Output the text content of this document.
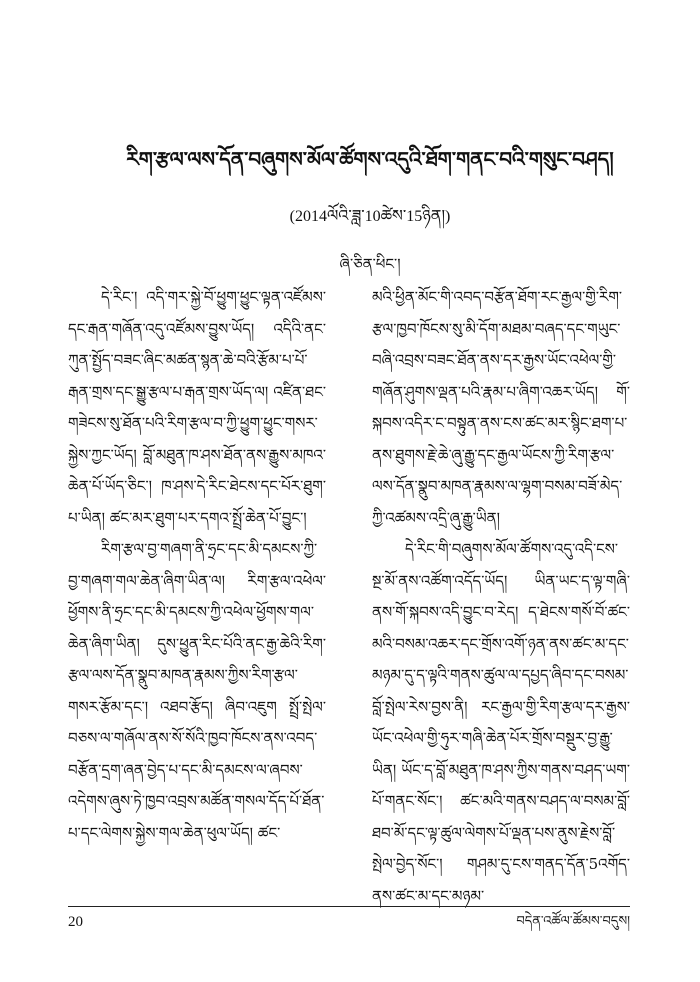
རིག་རྩལ་ལས་དོན་བཞུགས་མོལ་ཚོགས་འདུའི་ཐོག་གནང་བའི་གསུང་བཤད།
(2014ལོའི་ཟླ་10ཚེས་15ཉིན།)
ཞི་ཅིན་ཕིང་།

དེ་རིང་། འདི་གར་སྐྱེ་བོ་ཕྱུག་ཕྱུང་ལྟན་འཛོམས་དང་རྒན་གཞོན་འདུ་འཛོམས་བྱུས་ཡོད། འདིའི་ནང་ཀུན་སྤྱོད་བཟང་ཞིང་མཚན་སྙན་ཆེ་བའི་རྩོམ་པ་པོ་རྒན་གྲས་དང་སྒྱུ་རྩལ་པ་རྒན་གྲས་ཡོད་ལ། འཛིན་ཐང་གཟེངས་སུ་ཐོན་པའི་རིག་རྩལ་བ་ཀྱི་ཕྱུག་ཕྱུང་གསར་སྐྱེས་ཀྱང་ཡོད། བློ་མཐུན་ཁ་ཤས་ཐོན་ནས་རྒྱུས་མཁའ་ཆེན་པོ་ཡོད་ཅིང་། ཁ་ཤས་དེ་རིང་ཐེངས་དང་པོར་ཐུག་པ་ཡིན། ཚང་མར་ཐུག་པར་དགའ་སྤྲོ་ཆེན་པོ་བྱུང་།

རིག་རྩལ་བྱ་གཞག་ནི་ཧྲང་དང་མི་དམངས་ཀྱི་བྱ་གཞག་གལ་ཆེན་ཞིག་ཡིན་ལ། རིག་རྩལ་འཕེལ་ཕྱོགས་ནི་ཧྲང་དང་མི་དམངས་ཀྱི་འཕེལ་ཕྱོགས་གལ་ཆེན་ཞིག་ཡིན། དུས་ཕྱུན་རིང་པོའི་ནང་རྒྱ་ཆེའི་རིག་རྩལ་ལས་དོན་སྣུབ་མཁན་རྣམས་ཀྱིས་རིག་རྩལ་གསར་རྩོམ་དང་། འཐབ་རྩོད། ཞིབ་འཇུག སྤྲོ་སྤེལ་བཅས་ལ་གཞོལ་ནས་སོ་སོའི་ཁྱབ་ཁོངས་ནས་འབད་བརྩོན་དྲག་ཞན་བྱེད་པ་དང་མི་དམངས་ལ་ཞབས་འདེགས་ཞུས་ཏེ་ཁྱབ་འབྲས་མཚོན་གསལ་དོད་པོ་ཐོན་པ་དང་ལེགས་སྐྱེས་གལ་ཆེན་ཕུལ་ཡོད། ཚང་

མའི་ཕྱིན་མོང་གི་འབད་བརྩོན་ཐོག་རང་རྒྱལ་གྱི་རིག་རྩལ་ཁྱབ་ཁོངས་སུ་མི་དོག་མཐམ་བཞད་དང་གཡུང་བཞི་འབྲས་བཟང་ཐོན་ནས་དར་རྒྱས་ཡོང་འཕེལ་གྱི་གཞོན་ཤུགས་ལྡན་པའི་རྣམ་པ་ཞིག་འཆར་ཡོད། གོ་སྐབས་འདིར་ང་བསྟུན་ནས་ངས་ཚང་མར་སྙིང་ཐག་པ་ནས་ཐུགས་རྗེ་ཆེ་ཞུ་རྒྱུ་དང་རྒྱལ་ཡོངས་ཀྱི་རིག་རྩལ་ལས་དོན་སྣུབ་མཁན་རྣམས་ལ་ལྷག་བསམ་བཟོ་མེད་ཀྱི་འཚམས་འདྲི་ཞུ་རྒྱུ་ཡིན།

དེ་རིང་གི་བཞུགས་མོལ་ཚོགས་འདུ་འདི་ངས་སྔ་མོ་ནས་འཚོག་འདོད་ཡོད། ཡིན་ཡང་ད་ལྟ་གཞི་ནས་གོ་སྐབས་འདི་བྱུང་བ་རེད། ད་ཐེངས་གསོ་བོ་ཚང་མའི་བསམ་འཆར་དང་གྲོས་འགོ་ཉན་ནས་ཚང་མ་དང་མཉམ་དུ་ད་ལྟའི་གནས་ཚུལ་ལ་དཔྱད་ཞིབ་དང་བསམ་བློ་སྤེལ་རེས་བྱས་ནི། རང་རྒྱལ་གྱི་རིག་རྩལ་དར་རྒྱས་ཡོང་འཕེལ་གྱི་ཧུར་གཞི་ཆེན་པོར་གྲོས་བསྡུར་བྱ་རྒྱུ་ཡིན། ཡོང་ད་བློ་མཐུན་ཁ་ཤས་ཀྱིས་གནས་བཤད་ཡག་པོ་གནང་སོང་། ཚང་མའི་གནས་བཤད་ལ་བསམ་བློ་ཐབ་མོ་དང་ལྟ་ཚུལ་ལེགས་པོ་ལྡན་པས་ནུས་རྗེས་བློ་སྤེལ་བྱེད་སོང་། གཤམ་དུ་ངས་གནད་དོན་5འགོད་ནས་ཚང་མ་དང་མཉམ་

20	བདེན་འཚོལ་ཚོམས་བདུས།
